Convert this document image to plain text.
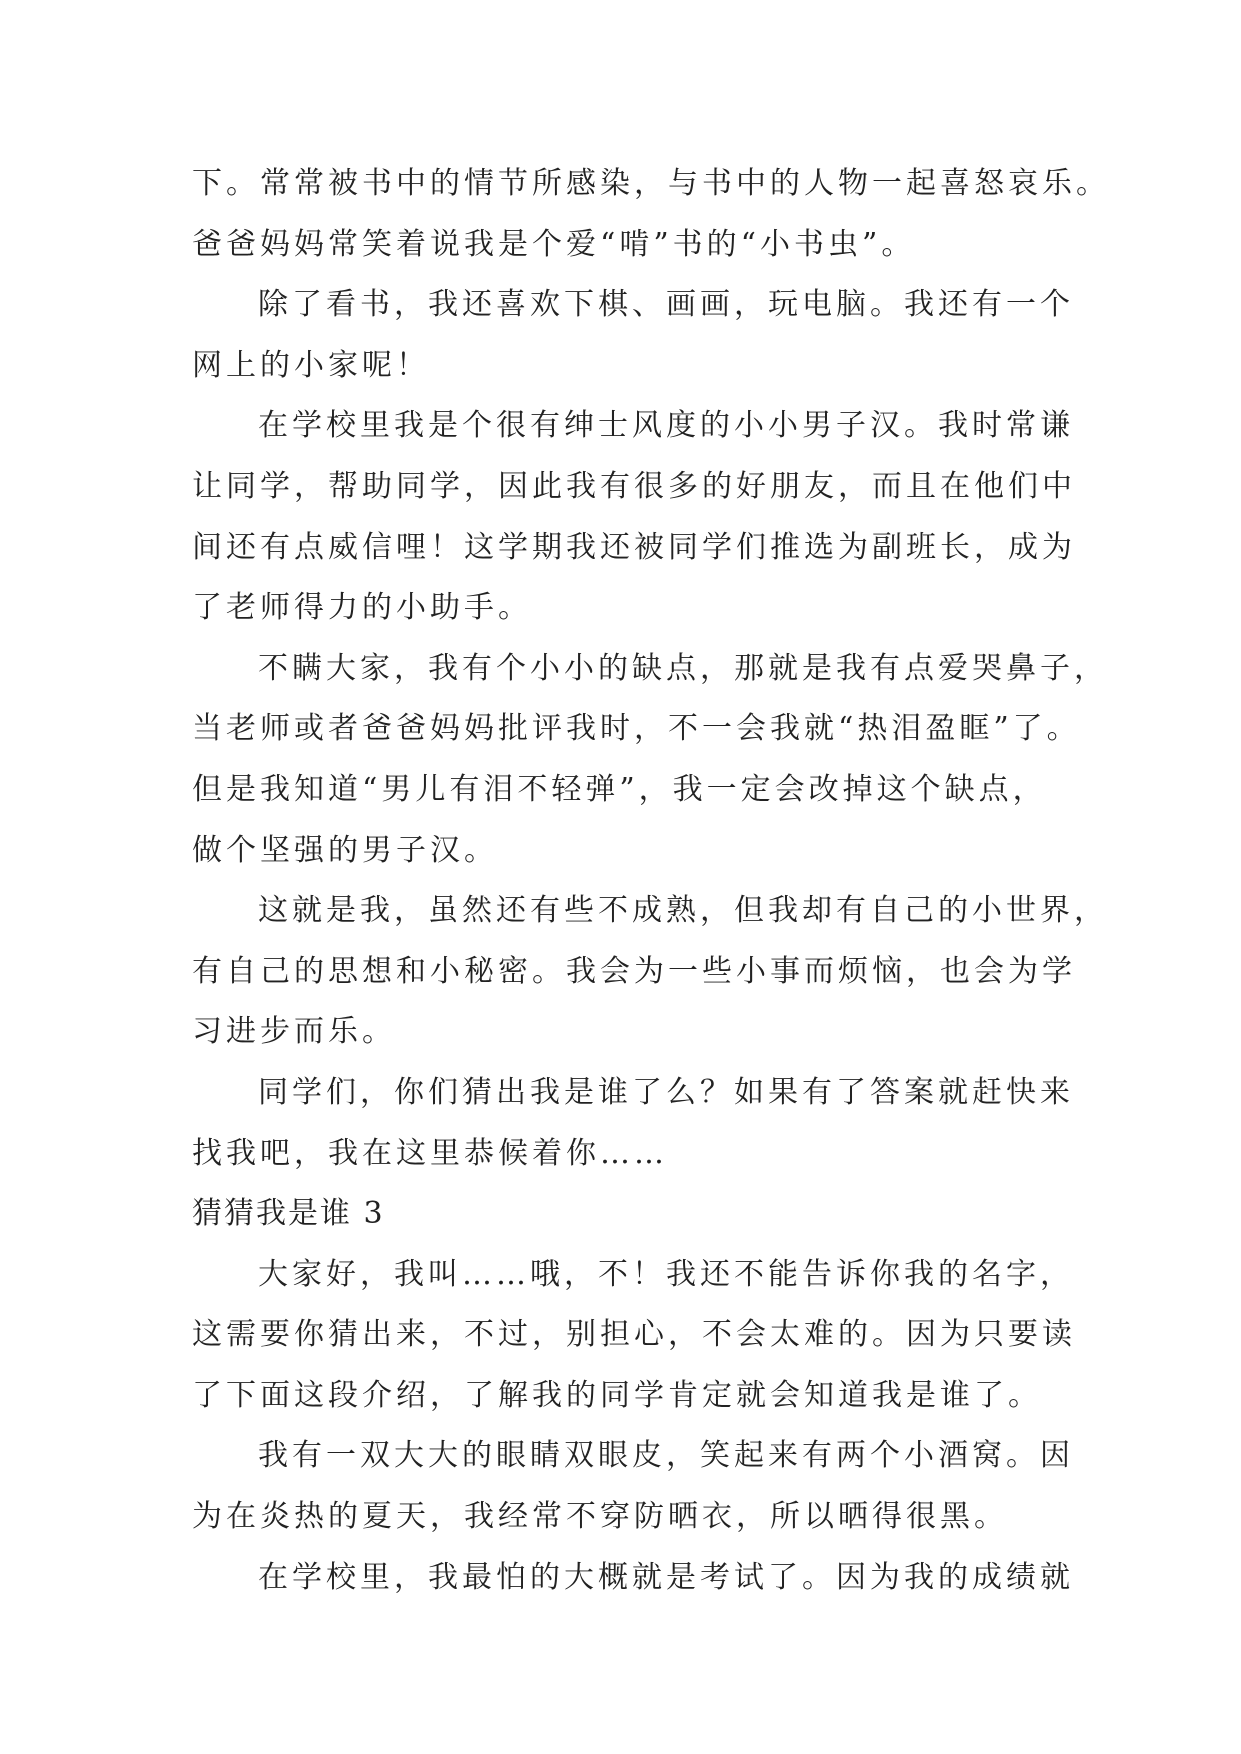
下。常常被书中的情节所感染，与书中的人物一起喜怒哀乐。
爸爸妈妈常笑着说我是个爱“啃”书的“小书虫”。
除了看书，我还喜欢下棋、画画，玩电脑。我还有一个
网上的小家呢！
在学校里我是个很有绅士风度的小小男子汉。我时常谦
让同学，帮助同学，因此我有很多的好朋友，而且在他们中
间还有点威信哩！这学期我还被同学们推选为副班长，成为
了老师得力的小助手。
不瞒大家，我有个小小的缺点，那就是我有点爱哭鼻子，
当老师或者爸爸妈妈批评我时，不一会我就“热泪盈眶”了。
但是我知道“男儿有泪不轻弹”，我一定会改掉这个缺点，
做个坚强的男子汉。
这就是我，虽然还有些不成熟，但我却有自己的小世界，
有自己的思想和小秘密。我会为一些小事而烦恼，也会为学
习进步而乐。
同学们，你们猜出我是谁了么？如果有了答案就赶快来
找我吧，我在这里恭候着你……
猜猜我是谁 3
大家好，我叫……哦，不！我还不能告诉你我的名字，
这需要你猜出来，不过，别担心，不会太难的。因为只要读
了下面这段介绍，了解我的同学肯定就会知道我是谁了。
我有一双大大的眼睛双眼皮，笑起来有两个小酒窝。因
为在炎热的夏天，我经常不穿防晒衣，所以晒得很黑。
在学校里，我最怕的大概就是考试了。因为我的成绩就
